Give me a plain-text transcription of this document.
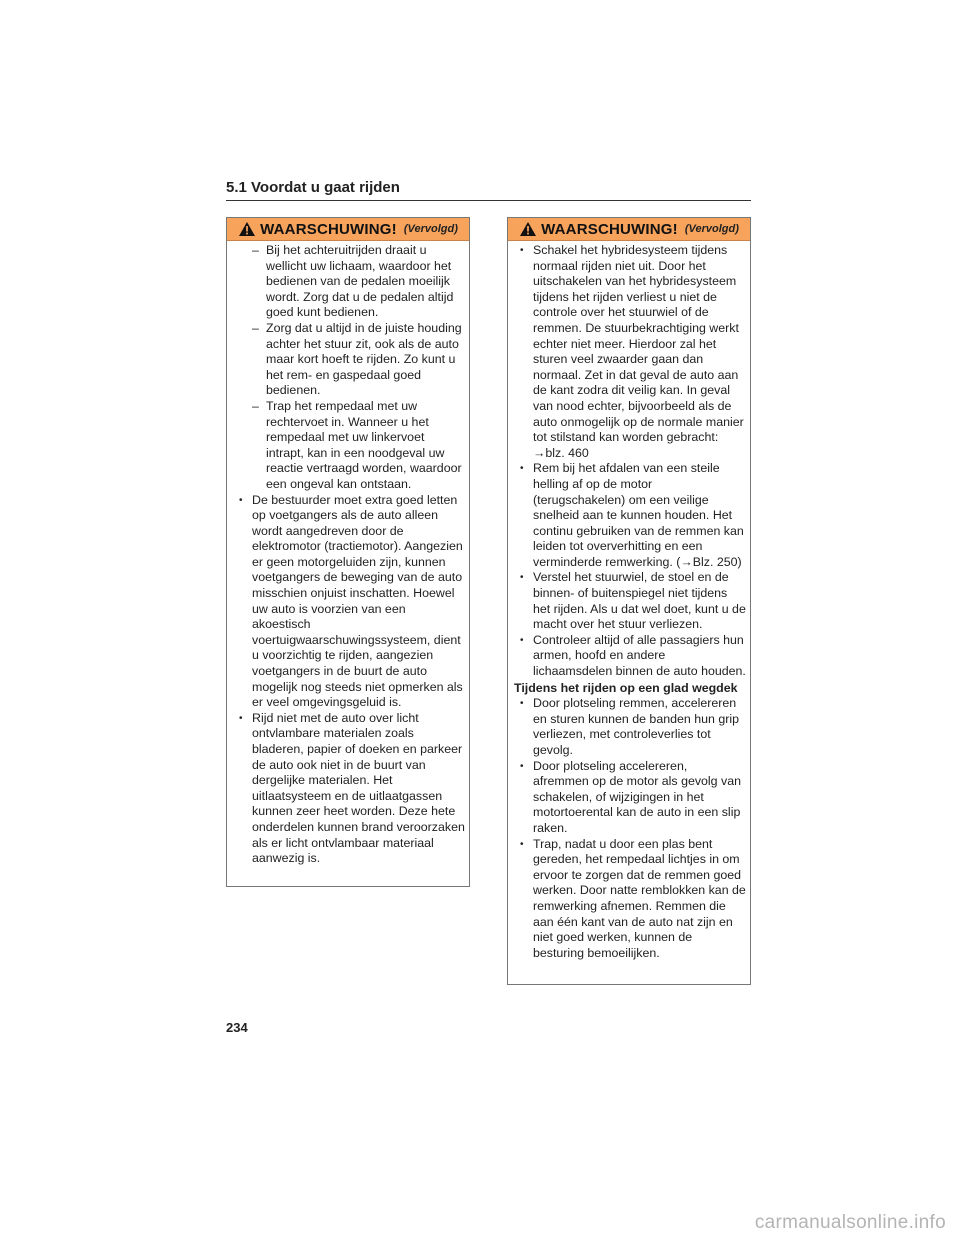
5.1 Voordat u gaat rijden
WAARSCHUWING! (Vervolgd)

– Bij het achteruitrijden draait u wellicht uw lichaam, waardoor het bedienen van de pedalen moeilijk wordt. Zorg dat u de pedalen altijd goed kunt bedienen.

– Zorg dat u altijd in de juiste houding achter het stuur zit, ook als de auto maar kort hoeft te rijden. Zo kunt u het rem- en gaspedaal goed bedienen.

– Trap het rempedaal met uw rechtervoet in. Wanneer u het rempedaal met uw linkervoet intrapt, kan in een noodgeval uw reactie vertraagd worden, waardoor een ongeval kan ontstaan.

• De bestuurder moet extra goed letten op voetgangers als de auto alleen wordt aangedreven door de elektromotor (tractiemotor). Aangezien er geen motorgeluiden zijn, kunnen voetgangers de beweging van de auto misschien onjuist inschatten. Hoewel uw auto is voorzien van een akoestisch voertuigwaarschuwingssysteem, dient u voorzichtig te rijden, aangezien voetgangers in de buurt de auto mogelijk nog steeds niet opmerken als er veel omgevingsgeluid is.

• Rijd niet met de auto over licht ontvlambare materialen zoals bladeren, papier of doeken en parkeer de auto ook niet in de buurt van dergelijke materialen. Het uitlaatsysteem en de uitlaatgassen kunnen zeer heet worden. Deze hete onderdelen kunnen brand veroorzaken als er licht ontvlambaar materiaal aanwezig is.

WAARSCHUWING! (Vervolgd)

• Schakel het hybridesysteem tijdens normaal rijden niet uit. Door het uitschakelen van het hybridesysteem tijdens het rijden verliest u niet de controle over het stuurwiel of de remmen. De stuurbekrachtiging werkt echter niet meer. Hierdoor zal het sturen veel zwaarder gaan dan normaal. Zet in dat geval de auto aan de kant zodra dit veilig kan. In geval van nood echter, bijvoorbeeld als de auto onmogelijk op de normale manier tot stilstand kan worden gebracht: →blz. 460

• Rem bij het afdalen van een steile helling af op de motor (terugschakelen) om een veilige snelheid aan te kunnen houden. Het continu gebruiken van de remmen kan leiden tot oververhitting en een verminderde remwerking. (→Blz. 250)

• Verstel het stuurwiel, de stoel en de binnen- of buitenspiegel niet tijdens het rijden. Als u dat wel doet, kunt u de macht over het stuur verliezen.

• Controleer altijd of alle passagiers hun armen, hoofd en andere lichaamsdelen binnen de auto houden.

Tijdens het rijden op een glad wegdek

• Door plotseling remmen, accelereren en sturen kunnen de banden hun grip verliezen, met controleverlies tot gevolg.

• Door plotseling accelereren, afremmen op de motor als gevolg van schakelen, of wijzigingen in het motortoerental kan de auto in een slip raken.

• Trap, nadat u door een plas bent gereden, het rempedaal lichtjes in om ervoor te zorgen dat de remmen goed werken. Door natte remblokken kan de remwerking afnemen. Remmen die aan één kant van de auto nat zijn en niet goed werken, kunnen de besturing bemoeilijken.

234
carmanualsonline.info
